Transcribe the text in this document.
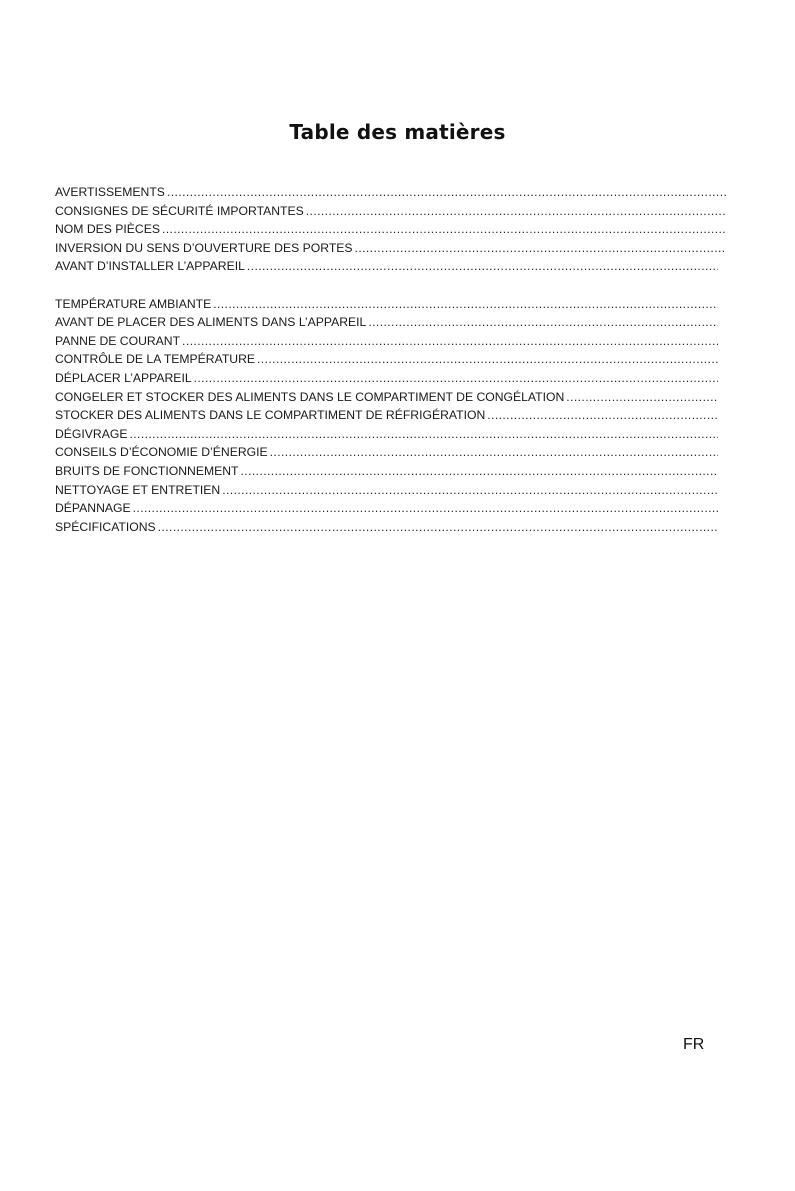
Table des matières
AVERTISSEMENTS
.....
CONSIGNES DE SÉCURITÉ IMPORTANTES
.....
NOM DES PIÈCES
.....
INVERSION DU SENS D’OUVERTURE DES PORTES
.....
AVANT D’INSTALLER L’APPAREIL
.....
TEMPÉRATURE AMBIANTE
.....
AVANT DE PLACER DES ALIMENTS DANS L’APPAREIL
.....
PANNE DE COURANT
.....
CONTRÔLE DE LA TEMPÉRATURE
.....
DÉPLACER L’APPAREIL
.....
CONGELER ET STOCKER DES ALIMENTS DANS LE COMPARTIMENT DE CONGÉLATION
.....
STOCKER DES ALIMENTS DANS LE COMPARTIMENT DE RÉFRIGÉRATION
.....
DÉGIVRAGE
.....
CONSEILS D’ÉCONOMIE D’ÉNERGIE
.....
BRUITS DE FONCTIONNEMENT
.....
NETTOYAGE ET ENTRETIEN
.....
DÉPANNAGE
.....
SPÉCIFICATIONS
.....
FR
